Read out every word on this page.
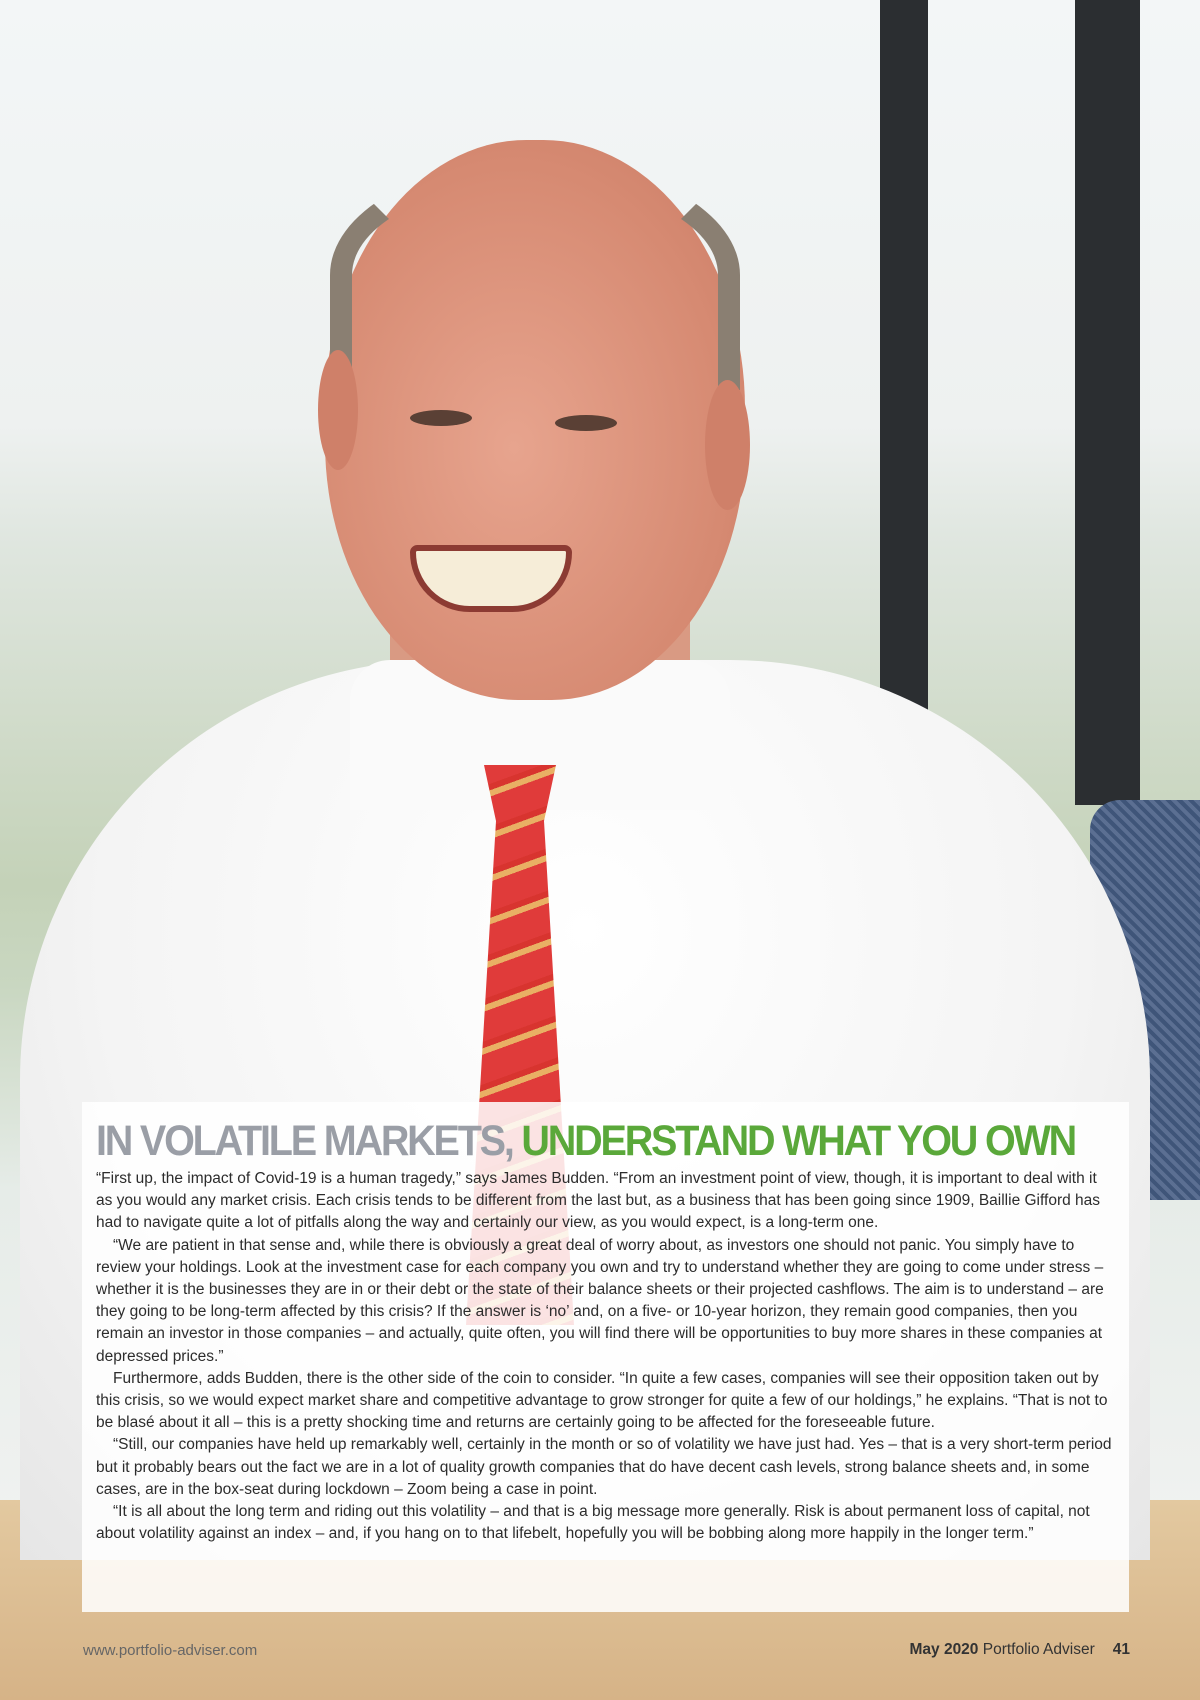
IN VOLATILE MARKETS, UNDERSTAND WHAT YOU OWN

“First up, the impact of Covid-19 is a human tragedy,” says James Budden. “From an investment point of view, though, it is important to deal with it as you would any market crisis. Each crisis tends to be different from the last but, as a business that has been going since 1909, Baillie Gifford has had to navigate quite a lot of pitfalls along the way and certainly our view, as you would expect, is a long-term one.

“We are patient in that sense and, while there is obviously a great deal of worry about, as investors one should not panic. You simply have to review your holdings. Look at the investment case for each company you own and try to understand whether they are going to come under stress – whether it is the businesses they are in or their debt or the state of their balance sheets or their projected cashflows. The aim is to understand – are they going to be long-term affected by this crisis? If the answer is ‘no’ and, on a five- or 10-year horizon, they remain good companies, then you remain an investor in those companies – and actually, quite often, you will find there will be opportunities to buy more shares in these companies at depressed prices.”

Furthermore, adds Budden, there is the other side of the coin to consider. “In quite a few cases, companies will see their opposition taken out by this crisis, so we would expect market share and competitive advantage to grow stronger for quite a few of our holdings,” he explains. “That is not to be blasé about it all – this is a pretty shocking time and returns are certainly going to be affected for the foreseeable future.

“Still, our companies have held up remarkably well, certainly in the month or so of volatility we have just had. Yes – that is a very short-term period but it probably bears out the fact we are in a lot of quality growth companies that do have decent cash levels, strong balance sheets and, in some cases, are in the box-seat during lockdown – Zoom being a case in point.

“It is all about the long term and riding out this volatility – and that is a big message more generally. Risk is about permanent loss of capital, not about volatility against an index – and, if you hang on to that lifebelt, hopefully you will be bobbing along more happily in the longer term.”

www.portfolio-adviser.com	May 2020 Portfolio Adviser 41
